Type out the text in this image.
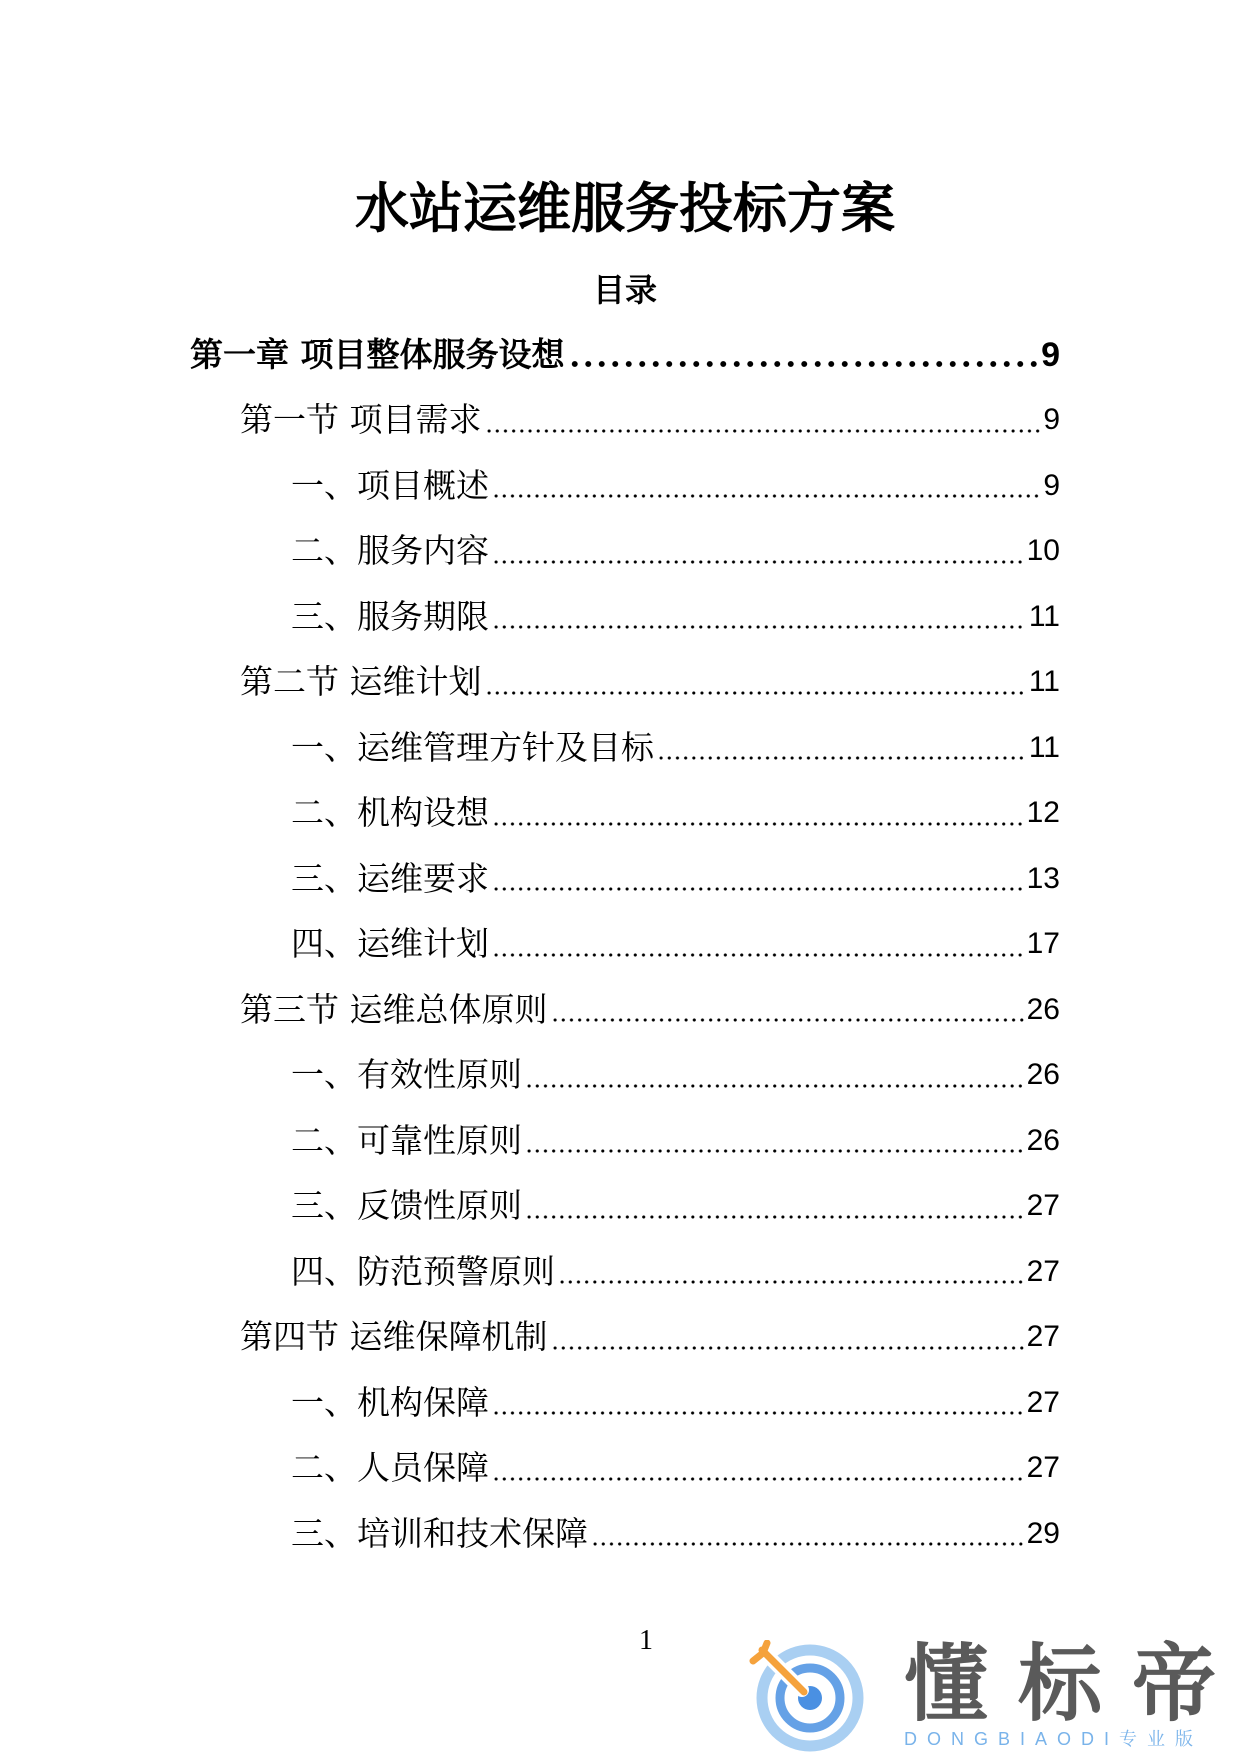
水站运维服务投标方案
目录
第一章 项目整体服务设想	9
第一节 项目需求	9
一、项目概述	9
二、服务内容	10
三、服务期限	11
第二节 运维计划	11
一、运维管理方针及目标	11
二、机构设想	12
三、运维要求	13
四、运维计划	17
第三节 运维总体原则	26
一、有效性原则	26
二、可靠性原则	26
三、反馈性原则	27
四、防范预警原则	27
第四节 运维保障机制	27
一、机构保障	27
二、人员保障	27
三、培训和技术保障	29
1	懂标帝
DONGBIAODI专业版
